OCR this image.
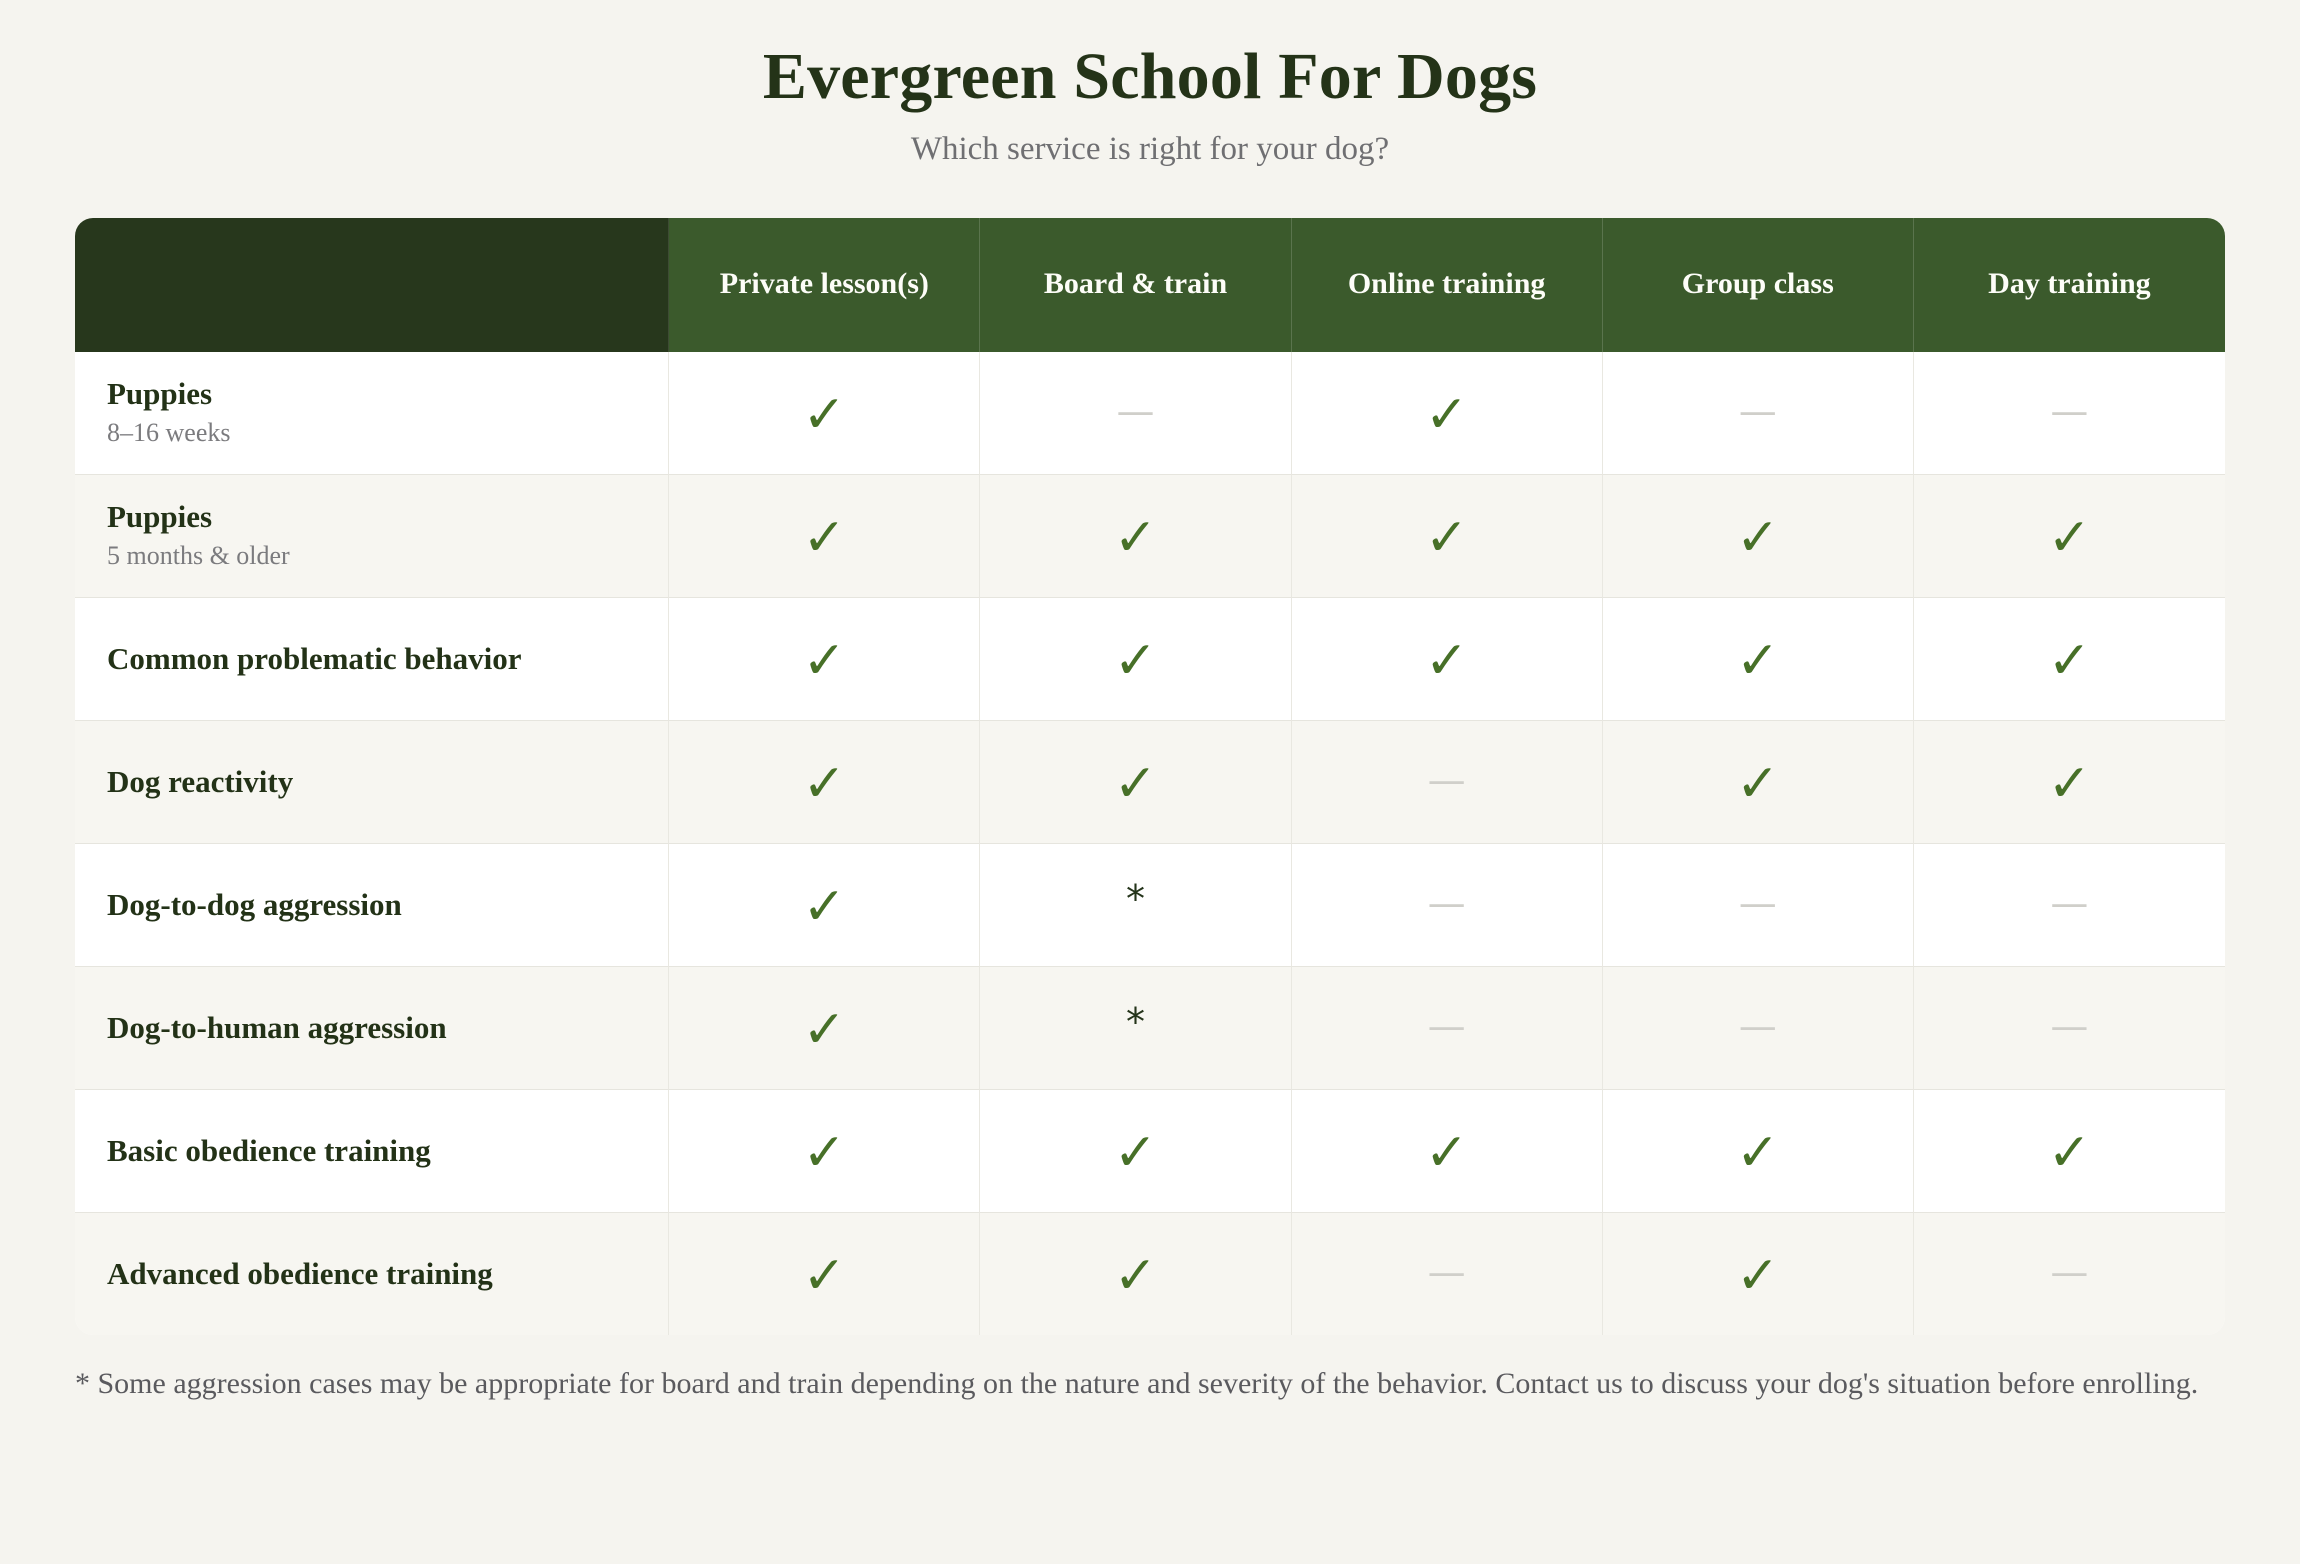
Evergreen School For Dogs

Which service is right for your dog?

	Private lesson(s)	Board & train	Online training	Group class	Day training

Puppies
8–16 weeks	✓	—	✓	—	—

Puppies
5 months & older	✓	✓	✓	✓	✓

Common problematic behavior	✓	✓	✓	✓	✓

Dog reactivity	✓	✓	—	✓	✓

Dog-to-dog aggression	✓	*	—	—	—

Dog-to-human aggression	✓	*	—	—	—

Basic obedience training	✓	✓	✓	✓	✓

Advanced obedience training	✓	✓	—	✓	—

* Some aggression cases may be appropriate for board and train depending on the nature and severity of the behavior. Contact us to discuss your dog's situation before enrolling.
